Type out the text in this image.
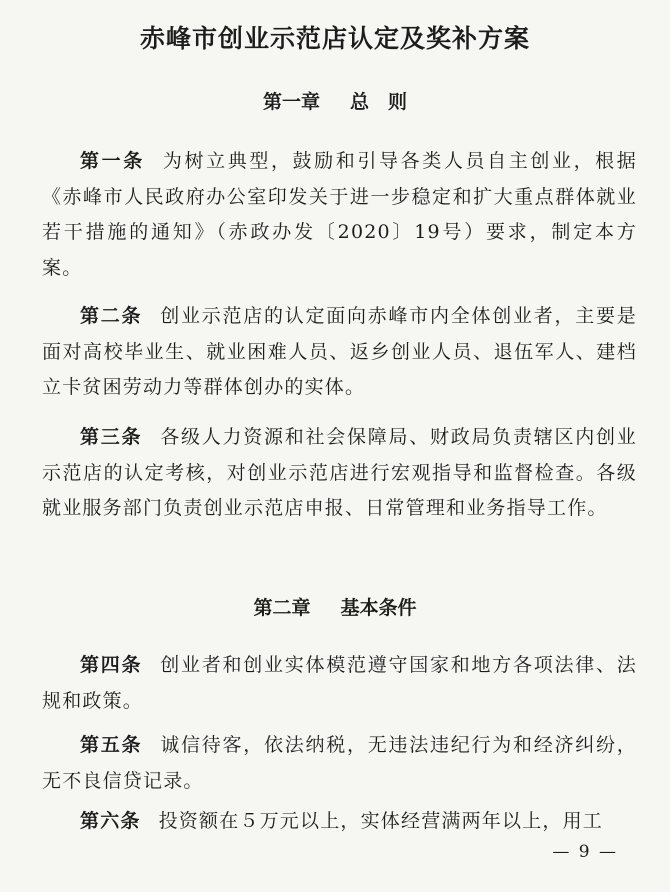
赤峰市创业示范店认定及奖补方案
第一章 总　则

第一条 为树立典型，鼓励和引导各类人员自主创业，根据《赤峰市人民政府办公室印发关于进一步稳定和扩大重点群体就业若干措施的通知》（赤政办发〔2020〕19号）要求，制定本方案。

第二条 创业示范店的认定面向赤峰市内全体创业者，主要是面对高校毕业生、就业困难人员、返乡创业人员、退伍军人、建档立卡贫困劳动力等群体创办的实体。

第三条 各级人力资源和社会保障局、财政局负责辖区内创业示范店的认定考核，对创业示范店进行宏观指导和监督检查。各级就业服务部门负责创业示范店申报、日常管理和业务指导工作。

第二章 基本条件

第四条 创业者和创业实体模范遵守国家和地方各项法律、法规和政策。

第五条 诚信待客，依法纳税，无违法违纪行为和经济纠纷，无不良信贷记录。

第六条 投资额在５万元以上，实体经营满两年以上，用工

— 9 —
